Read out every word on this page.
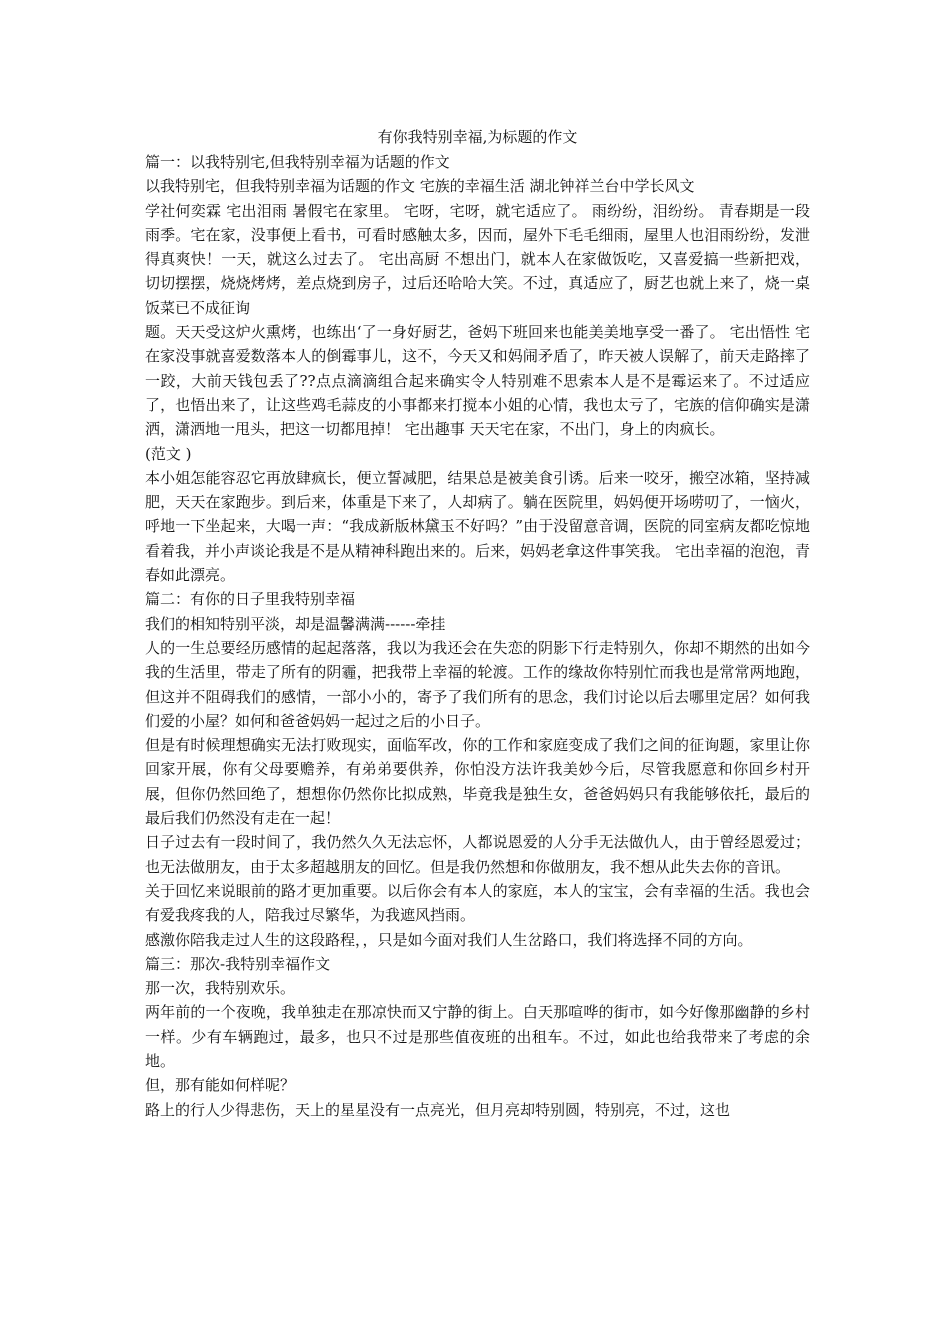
有你我特别幸福,为标题的作文

篇一：以我特别宅,但我特别幸福为话题的作文

以我特别宅，但我特别幸福为话题的作文 宅族的幸福生活 湖北钟祥兰台中学长风文

学社何奕霖 宅出泪雨 暑假宅在家里。 宅呀，宅呀，就宅适应了。 雨纷纷，泪纷纷。 青春期是一段雨季。宅在家，没事便上看书，可看时感触太多，因而，屋外下毛毛细雨，屋里人也泪雨纷纷，发泄得真爽快！一天，就这么过去了。 宅出高厨 不想出门，就本人在家做饭吃，又喜爱搞一些新把戏，切切摆摆，烧烧烤烤，差点烧到房子，过后还哈哈大笑。不过，真适应了，厨艺也就上来了，烧一桌饭菜已不成征询

题。天天受这炉火熏烤，也练出‘了一身好厨艺，爸妈下班回来也能美美地享受一番了。 宅出悟性 宅在家没事就喜爱数落本人的倒霉事儿，这不，今天又和妈闹矛盾了，昨天被人误解了，前天走路摔了一跤，大前天钱包丢了??点点滴滴组合起来确实令人特别难不思索本人是不是霉运来了。不过适应了，也悟出来了，让这些鸡毛蒜皮的小事都来打搅本小姐的心情，我也太亏了，宅族的信仰确实是潇洒，潇洒地一甩头，把这一切都甩掉！ 宅出趣事 天天宅在家，不出门，身上的肉疯长。

(范文 )

本小姐怎能容忍它再放肆疯长，便立誓减肥，结果总是被美食引诱。后来一咬牙，搬空冰箱，坚持减肥，天天在家跑步。到后来，体重是下来了，人却病了。躺在医院里，妈妈便开场唠叨了，一恼火，呼地一下坐起来，大喝一声：“我成新版林黛玉不好吗？”由于没留意音调，医院的同室病友都吃惊地看着我，并小声谈论我是不是从精神科跑出来的。后来，妈妈老拿这件事笑我。 宅出幸福的泡泡，青春如此漂亮。

篇二：有你的日子里我特别幸福

我们的相知特别平淡，却是温馨满满------牵挂

人的一生总要经历感情的起起落落，我以为我还会在失恋的阴影下行走特别久，你却不期然的出如今我的生活里，带走了所有的阴霾，把我带上幸福的轮渡。工作的缘故你特别忙而我也是常常两地跑，但这并不阻碍我们的感情，一部小小的，寄予了我们所有的思念，我们讨论以后去哪里定居？如何我们爱的小屋？如何和爸爸妈妈一起过之后的小日子。

但是有时候理想确实无法打败现实，面临军改，你的工作和家庭变成了我们之间的征询题，家里让你回家开展，你有父母要赡养，有弟弟要供养，你怕没方法许我美妙今后，尽管我愿意和你回乡村开展，但你仍然回绝了，想想你仍然你比拟成熟，毕竟我是独生女，爸爸妈妈只有我能够依托，最后的最后我们仍然没有走在一起！

日子过去有一段时间了，我仍然久久无法忘怀，人都说恩爱的人分手无法做仇人，由于曾经恩爱过；也无法做朋友，由于太多超越朋友的回忆。但是我仍然想和你做朋友，我不想从此失去你的音讯。

关于回忆来说眼前的路才更加重要。以后你会有本人的家庭，本人的宝宝，会有幸福的生活。我也会有爱我疼我的人，陪我过尽繁华，为我遮风挡雨。

感激你陪我走过人生的这段路程，，只是如今面对我们人生岔路口，我们将选择不同的方向。

篇三：那次-我特别幸福作文

那一次，我特别欢乐。

两年前的一个夜晚，我单独走在那凉快而又宁静的街上。白天那喧哗的街市，如今好像那幽静的乡村一样。少有车辆跑过，最多，也只不过是那些值夜班的出租车。不过，如此也给我带来了考虑的余地。

但，那有能如何样呢？

路上的行人少得悲伤，天上的星星没有一点亮光，但月亮却特别圆，特别亮，不过，这也
